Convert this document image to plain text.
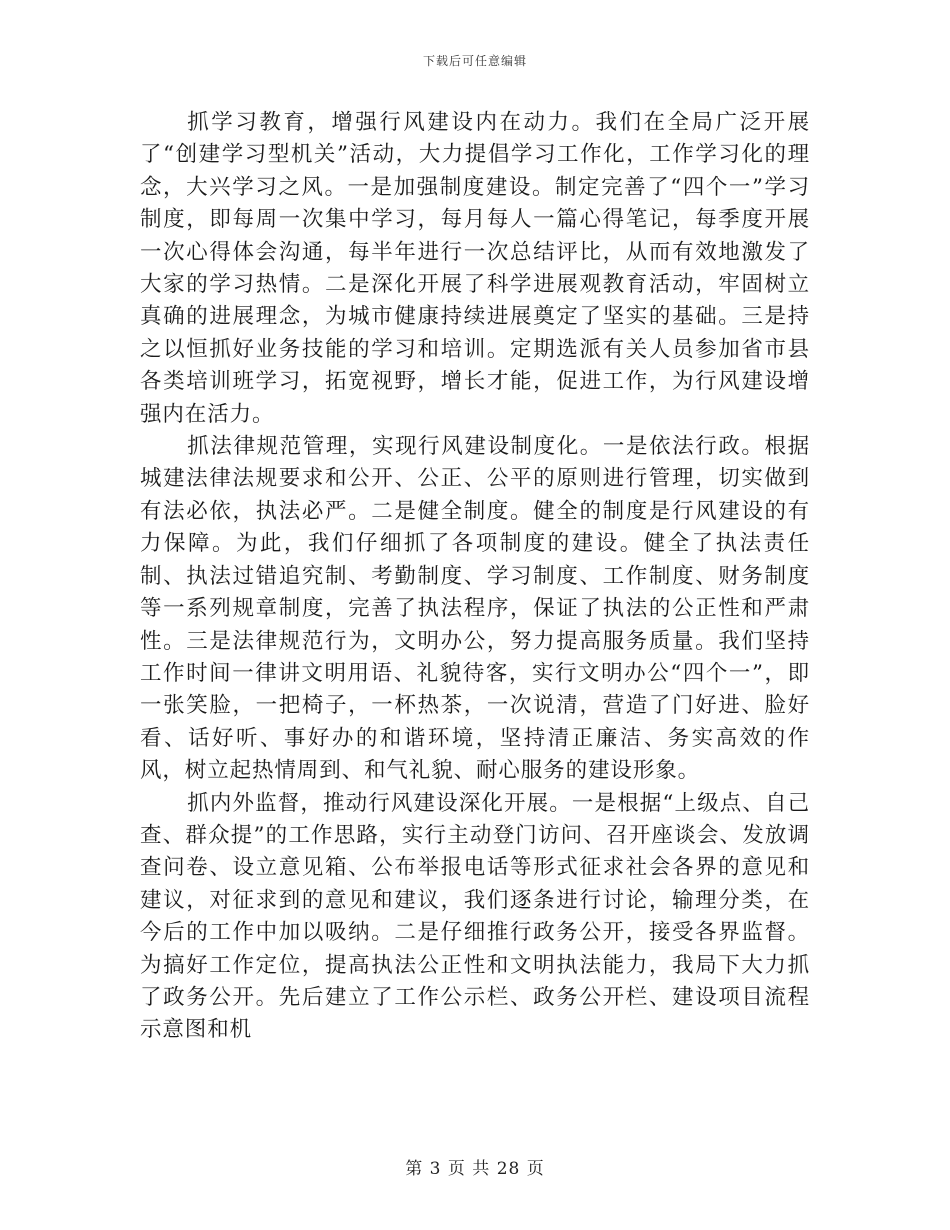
下载后可任意编辑

抓学习教育，增强行风建设内在动力。我们在全局广泛开展了“创建学习型机关”活动，大力提倡学习工作化，工作学习化的理念，大兴学习之风。一是加强制度建设。制定完善了“四个一”学习制度，即每周一次集中学习，每月每人一篇心得笔记，每季度开展一次心得体会沟通，每半年进行一次总结评比，从而有效地激发了大家的学习热情。二是深化开展了科学进展观教育活动，牢固树立真确的进展理念，为城市健康持续进展奠定了坚实的基础。三是持之以恒抓好业务技能的学习和培训。定期选派有关人员参加省市县各类培训班学习，拓宽视野，增长才能，促进工作，为行风建设增强内在活力。

抓法律规范管理，实现行风建设制度化。一是依法行政。根据城建法律法规要求和公开、公正、公平的原则进行管理，切实做到有法必依，执法必严。二是健全制度。健全的制度是行风建设的有力保障。为此，我们仔细抓了各项制度的建设。健全了执法责任制、执法过错追究制、考勤制度、学习制度、工作制度、财务制度等一系列规章制度，完善了执法程序，保证了执法的公正性和严肃性。三是法律规范行为，文明办公，努力提高服务质量。我们坚持工作时间一律讲文明用语、礼貌待客，实行文明办公“四个一”，即一张笑脸，一把椅子，一杯热茶，一次说清，营造了门好进、脸好看、话好听、事好办的和谐环境，坚持清正廉洁、务实高效的作风，树立起热情周到、和气礼貌、耐心服务的建设形象。

抓内外监督，推动行风建设深化开展。一是根据“上级点、自己查、群众提”的工作思路，实行主动登门访问、召开座谈会、发放调查问卷、设立意见箱、公布举报电话等形式征求社会各界的意见和建议，对征求到的意见和建议，我们逐条进行讨论，输理分类，在今后的工作中加以吸纳。二是仔细推行政务公开，接受各界监督。为搞好工作定位，提高执法公正性和文明执法能力，我局下大力抓了政务公开。先后建立了工作公示栏、政务公开栏、建设项目流程示意图和机

第 3 页 共 28 页
